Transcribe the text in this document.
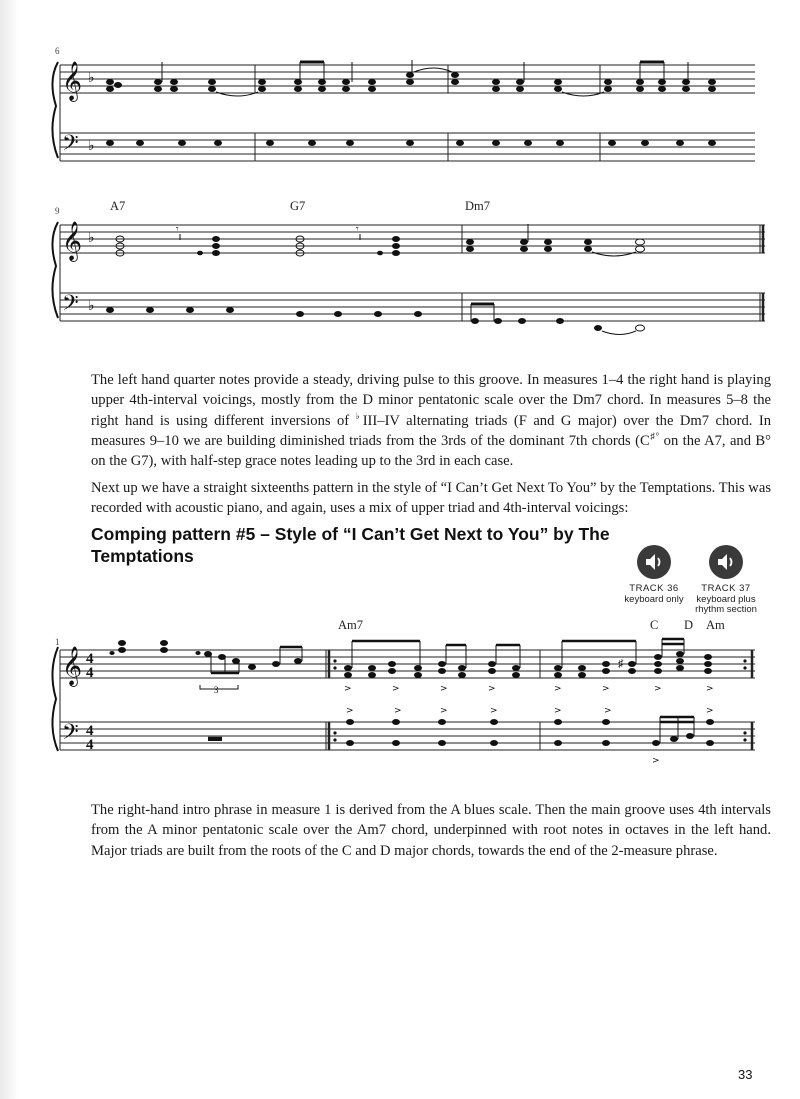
6
𝄞
𝄢
♭
♭
9	A7	G7	Dm7
𝄞
𝄢
♭
♭
𝄾	𝄾

The left hand quarter notes provide a steady, driving pulse to this groove. In measures 1–4 the right hand is playing upper 4th-interval voicings, mostly from the D minor pentatonic scale over the Dm7 chord. In measures 5–8 the right hand is using different inversions of ♭III–IV alternating triads (F and G major) over the Dm7 chord. In measures 9–10 we are building diminished triads from the 3rds of the dominant 7th chords (C♯° on the A7, and B° on the G7), with half-step grace notes leading up to the 3rd in each case.

Next up we have a straight sixteenths pattern in the style of “I Can’t Get Next To You” by the Temptations. This was recorded with acoustic piano, and again, uses a mix of upper triad and 4th-interval voicings:

Comping pattern #5 – Style of “I Can’t Get Next to You” by The Temptations
TRACK 36
keyboard only
TRACK 37
keyboard plus
rhythm section
1
Am7	C D Am
𝄞
𝄢
4
4
4
4
3
▬
♯
>	>	>	>	>	>	>	>
>	>	>	>	>	>	>
>

The right-hand intro phrase in measure 1 is derived from the A blues scale. Then the main groove uses 4th intervals from the A minor pentatonic scale over the Am7 chord, underpinned with root notes in octaves in the left hand. Major triads are built from the roots of the C and D major chords, towards the end of the 2-measure phrase.

33
